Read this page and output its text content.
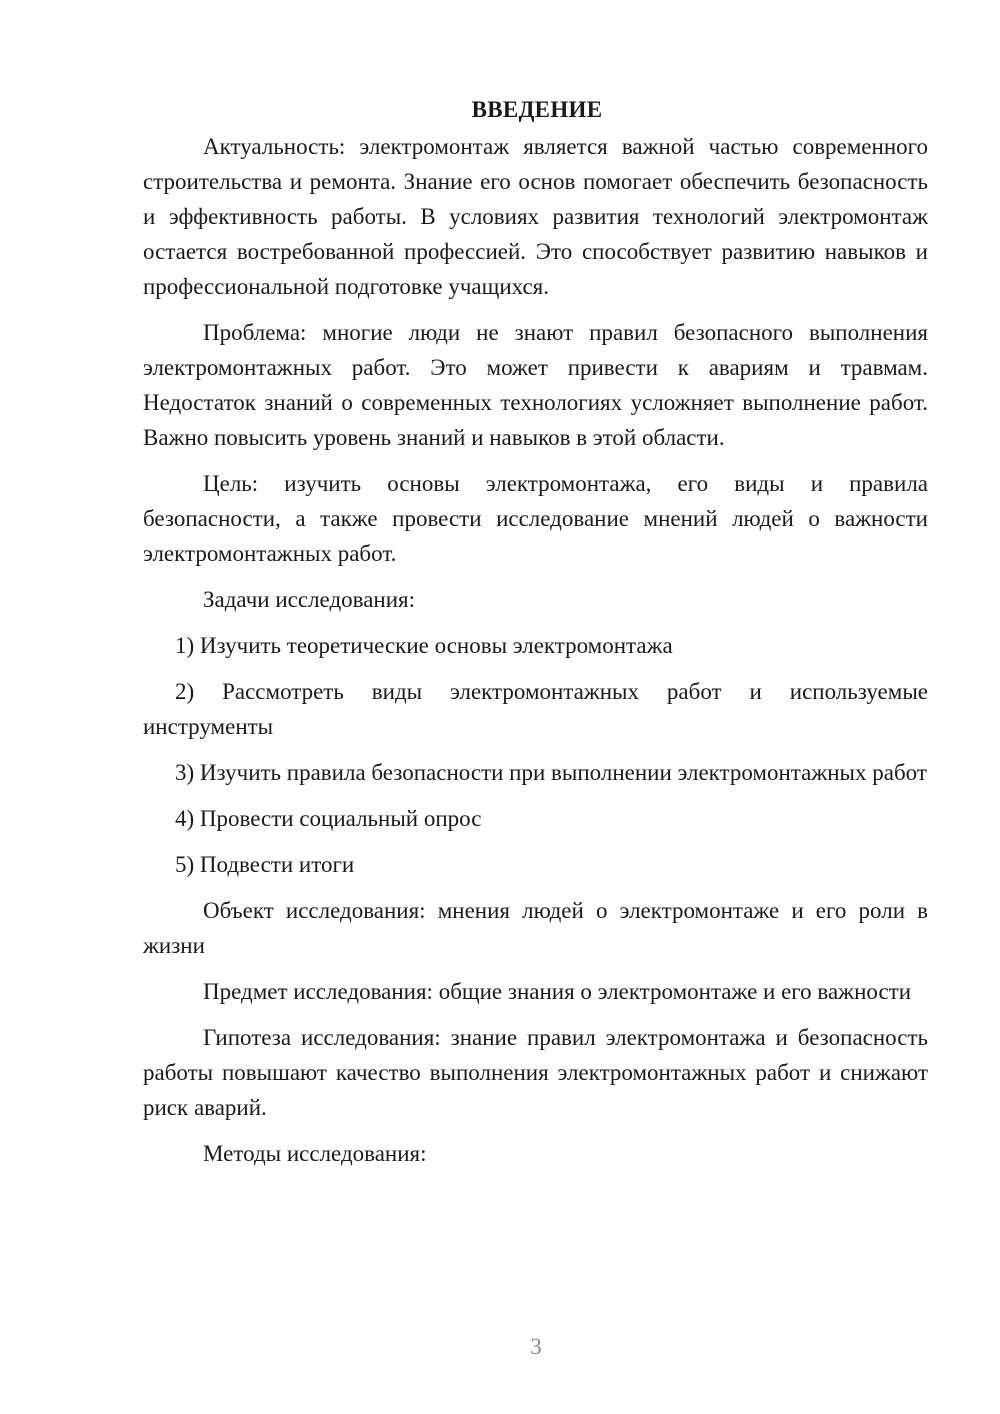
ВВЕДЕНИЕ

Актуальность: электромонтаж является важной частью современного строительства и ремонта. Знание его основ помогает обеспечить безопасность и эффективность работы. В условиях развития технологий электромонтаж остается востребованной профессией. Это способствует развитию навыков и профессиональной подготовке учащихся.

Проблема: многие люди не знают правил безопасного выполнения электромонтажных работ. Это может привести к авариям и травмам. Недостаток знаний о современных технологиях усложняет выполнение работ. Важно повысить уровень знаний и навыков в этой области.

Цель: изучить основы электромонтажа, его виды и правила безопасности, а также провести исследование мнений людей о важности электромонтажных работ.

Задачи исследования:

1) Изучить теоретические основы электромонтажа

2) Рассмотреть виды электромонтажных работ и используемые инструменты

3) Изучить правила безопасности при выполнении электромонтажных работ

4) Провести социальный опрос

5) Подвести итоги

Объект исследования: мнения людей о электромонтаже и его роли в жизни

Предмет исследования: общие знания о электромонтаже и его важности

Гипотеза исследования: знание правил электромонтажа и безопасность работы повышают качество выполнения электромонтажных работ и снижают риск аварий.

Методы исследования:

3
